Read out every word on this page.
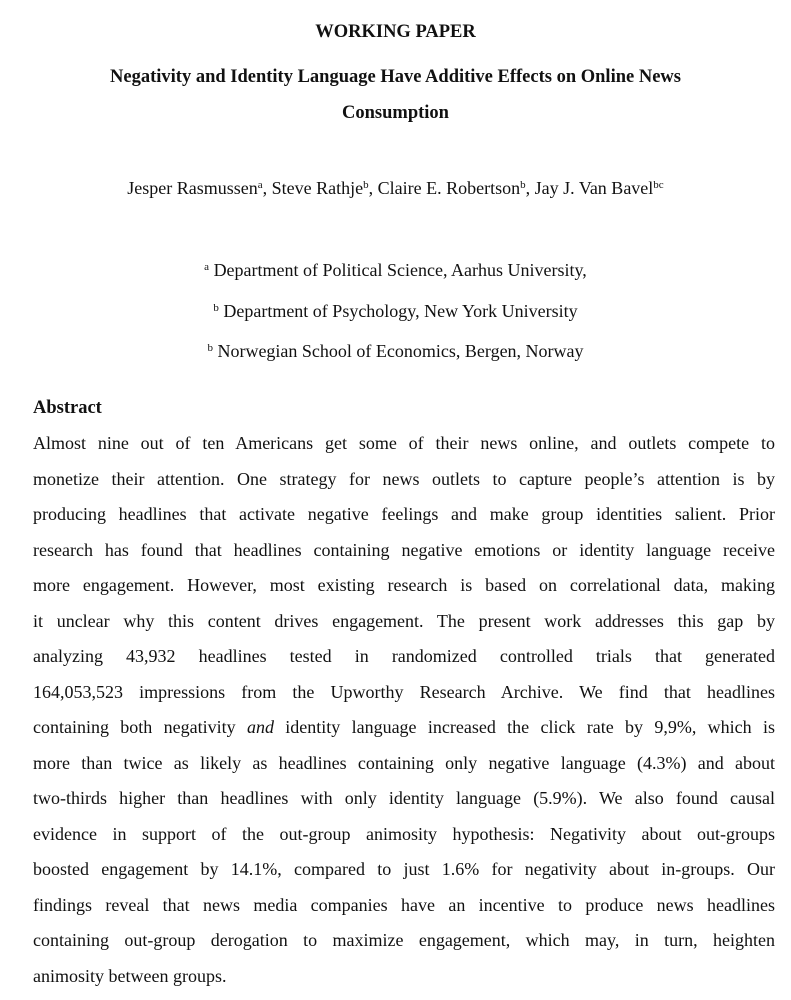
WORKING PAPER
Negativity and Identity Language Have Additive Effects on Online News
Consumption
Jesper Rasmussen$^a$, Steve Rathje$^b$, Claire E. Robertson$^b$, Jay J. Van Bavel$^{bc}$
$^a$ Department of Political Science, Aarhus University,
$^b$ Department of Psychology, New York University
$^b$ Norwegian School of Economics, Bergen, Norway
Abstract
Almost nine out of ten Americans get some of their news online, and outlets compete to
monetize their attention. One strategy for news outlets to capture people’s attention is by
producing headlines that activate negative feelings and make group identities salient. Prior
research has found that headlines containing negative emotions or identity language receive
more engagement. However, most existing research is based on correlational data, making
it unclear why this content drives engagement. The present work addresses this gap by
analyzing 43,932 headlines tested in randomized controlled trials that generated
164,053,523 impressions from the Upworthy Research Archive. We find that headlines
containing both negativity and identity language increased the click rate by 9,9%, which is
more than twice as likely as headlines containing only negative language (4.3%) and about
two-thirds higher than headlines with only identity language (5.9%). We also found causal
evidence in support of the out-group animosity hypothesis: Negativity about out-groups
boosted engagement by 14.1%, compared to just 1.6% for negativity about in-groups. Our
findings reveal that news media companies have an incentive to produce news headlines
containing out-group derogation to maximize engagement, which may, in turn, heighten
animosity between groups.
